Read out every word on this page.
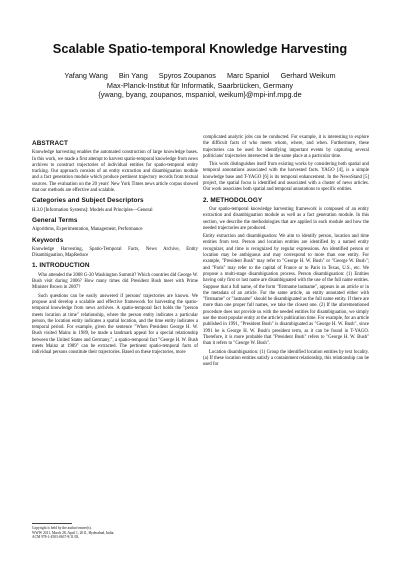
Scalable Spatio-temporal Knowledge Harvesting
Yafang Wang Bin Yang Spyros Zoupanos Marc Spaniol Gerhard Weikum
Max-Planck-Institut für Informatik, Saarbrücken, Germany
{ywang, byang, zoupanos, mspaniol, weikum}@mpi-inf.mpg.de
ABSTRACT

Knowledge harvesting enables the automated construction of large knowledge bases. In this work, we made a first attempt to harvest spatio-temporal knowledge from news archives to construct trajectories of individual entities for spatio-temporal entity tracking. Our approach consists of an entity extraction and disambiguation module and a fact generation module which produce pertinent trajectory records from textual sources. The evaluation on the 20 years' New York Times news article corpus showed that our methods are effective and scalable.

Categories and Subject Descriptors

H.3.0 [Information Systems]: Models and Principles—General

General Terms

Algorithms, Experimentation, Management, Performance

Keywords

Knowledge Harvesting, Spatio-Temporal Facts, News Archive, Entity Disambiguation, MapReduce

1. INTRODUCTION

Who attended the 2008 G-20 Washington Summit? Which countries did George W. Bush visit during 2006? How many times did President Bush meet with Prime Minister Brown in 2007?

Such questions can be easily answered if persons' trajectories are known. We propose and develop a scalable and effective framework for harvesting the spatio-temporal knowledge from news archives. A spatio-temporal fact holds the "person meets location at time" relationship, where the person entity indicates a particular person, the location entity indicates a spatial location, and the time entity indicates a temporal period. For example, given the sentence "When President George H. W. Bush visited Mainz in 1989, he made a landmark appeal for a special relationship between the United States and Germany.", a spatio-temporal fact "George H. W. Bush meets Mainz at 1989" can be extracted. The pertinent spatio-temporal facts of individual persons constitute their trajectories. Based on these trajectories, more

Copyright is held by the author/owner(s).
WWW 2011, March 28–April 1, 2011, Hyderabad, India.
ACM 978-1-4503-0637-9/11/03.

complicated analytic jobs can be conducted. For example, it is interesting to explore the difficult facts of who meets whom, where, and when. Furthermore, these trajectories can be used for identifying important events by capturing several politicians' trajectories intersected in the same place at a particular time.

This work distinguishes itself from existing works by considering both spatial and temporal annotations associated with the harvested facts. YAGO [4], is a simple knowledge base and T-YAGO [6] is its temporal enhancement. In the NewsStand [5] project, the spatial focus is identified and associated with a cluster of news articles. Our work associates both spatial and temporal annotations to specific entities.

2. METHODOLOGY

Our spatio-temporal knowledge harvesting framework is composed of an entity extraction and disambiguation module as well as a fact generation module. In this section, we describe the methodologies that are applied in each module and how the needed trajectories are produced.

Entity extraction and disambiguation: We aim to identify person, location and time entities from text. Person and location entities are identified by a named entity recognizer, and time is recognized by regular expressions. An identified person or location may be ambiguous and may correspond to more than one entity. For example, "President Bush" may refer to "George H. W. Bush" or "George W. Bush"; and "Paris" may refer to the capital of France or to Paris in Texas, U.S., etc. We propose a multi-stage disambiguation process. Person disambiguation: (1) Entities having only first or last name are disambiguated with the use of the full name entities. Suppose that a full name, of the form "firstname lastname", appears in an article or in the metadata of an article. For the same article, an entity annotated either with "firstname" or "lastname" should be disambiguated as the full name entity. If there are more than one proper full names, we take the closest one. (2) If the aforementioned procedure does not provide us with the needed entities for disambiguation, we simply use the most popular entity at the article's publication time. For example, for an article published in 1991, "President Bush" is disambiguated as "George H. W. Bush", since 1991 he is George H. W. Bush's president term, as it can be found in T-YAGO. Therefore, it is more probable that "President Bush" refers to "George H. W. Bush" than it refers to "George W. Bush".

Location disambiguation: (1) Group the identified location entities by text locality. (a) If these location entities satisfy a containment relationship, this relationship can be used for
